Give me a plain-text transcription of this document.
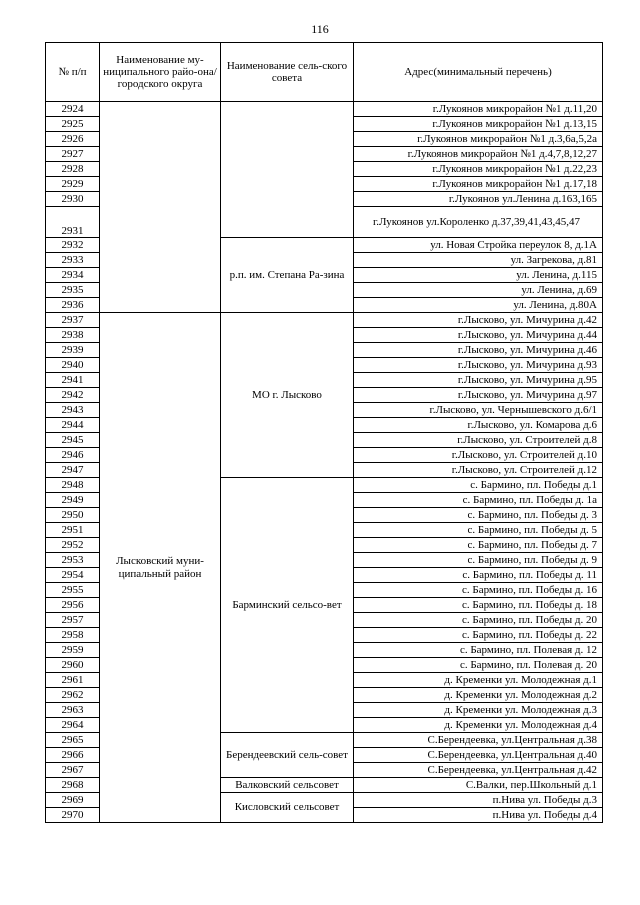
116
№ п/п	Наименование му-ниципального райо-она/ городского округа	Наименование сель-ского совета	Адрес(минимальный перечень)
2924			г.Лукоянов микрорайон №1 д.11,20
2925			г.Лукоянов микрорайон №1 д.13,15
2926			г.Лукоянов микрорайон №1 д.3,6а,5,2а
2927			г.Лукоянов микрорайон №1 д.4,7,8,12,27
2928			г.Лукоянов микрорайон №1 д.22,23
2929			г.Лукоянов микрорайон №1 д.17,18
2930			г.Лукоянов ул.Ленина д.163,165
2931			г.Лукоянов ул.Короленко д.37,39,41,43,45,47
2932		р.п. им. Степана Ра-зина	ул. Новая Стройка переулок 8, д.1А
2933			ул. Загрекова, д.81
2934			ул. Ленина, д.115
2935			ул. Ленина, д.69
2936			ул. Ленина, д.80А
2937	Лысковский муни-ципальный район	МО г. Лысково	г.Лысково, ул. Мичурина д.42
2938			г.Лысково, ул. Мичурина д.44
2939			г.Лысково, ул. Мичурина д.46
2940			г.Лысково, ул. Мичурина д.93
2941			г.Лысково, ул. Мичурина д.95
2942			г.Лысково, ул. Мичурина д.97
2943			г.Лысково, ул. Чернышевского д.6/1
2944			г.Лысково, ул. Комарова д.6
2945			г.Лысково, ул. Строителей д.8
2946			г.Лысково, ул. Строителей д.10
2947			г.Лысково, ул. Строителей д.12
2948		Барминский сельсо-вет	с. Бармино, пл. Победы д.1
2949			с. Бармино, пл. Победы д. 1а
2950			с. Бармино, пл. Победы д. 3
2951			с. Бармино, пл. Победы д. 5
2952			с. Бармино, пл. Победы д. 7
2953			с. Бармино, пл. Победы д. 9
2954			с. Бармино, пл. Победы д. 11
2955			с. Бармино, пл. Победы д. 16
2956			с. Бармино, пл. Победы д. 18
2957			с. Бармино, пл. Победы д. 20
2958			с. Бармино, пл. Победы д. 22
2959			с. Бармино, пл. Полевая д. 12
2960			с. Бармино, пл. Полевая д. 20
2961			д. Кременки ул. Молодежная д.1
2962			д. Кременки ул. Молодежная д.2
2963			д. Кременки ул. Молодежная д.3
2964			д. Кременки ул. Молодежная д.4
2965		Берендеевский сель-совет	С.Берендеевка, ул.Центральная д.38
2966			С.Берендеевка, ул.Центральная д.40
2967			С.Берендеевка, ул.Центральная д.42
2968		Валковский сельсовет	С.Валки, пер.Школьный д.1
2969		Кисловский сельсовет	п.Нива ул. Победы д.3
2970			п.Нива ул. Победы д.4
